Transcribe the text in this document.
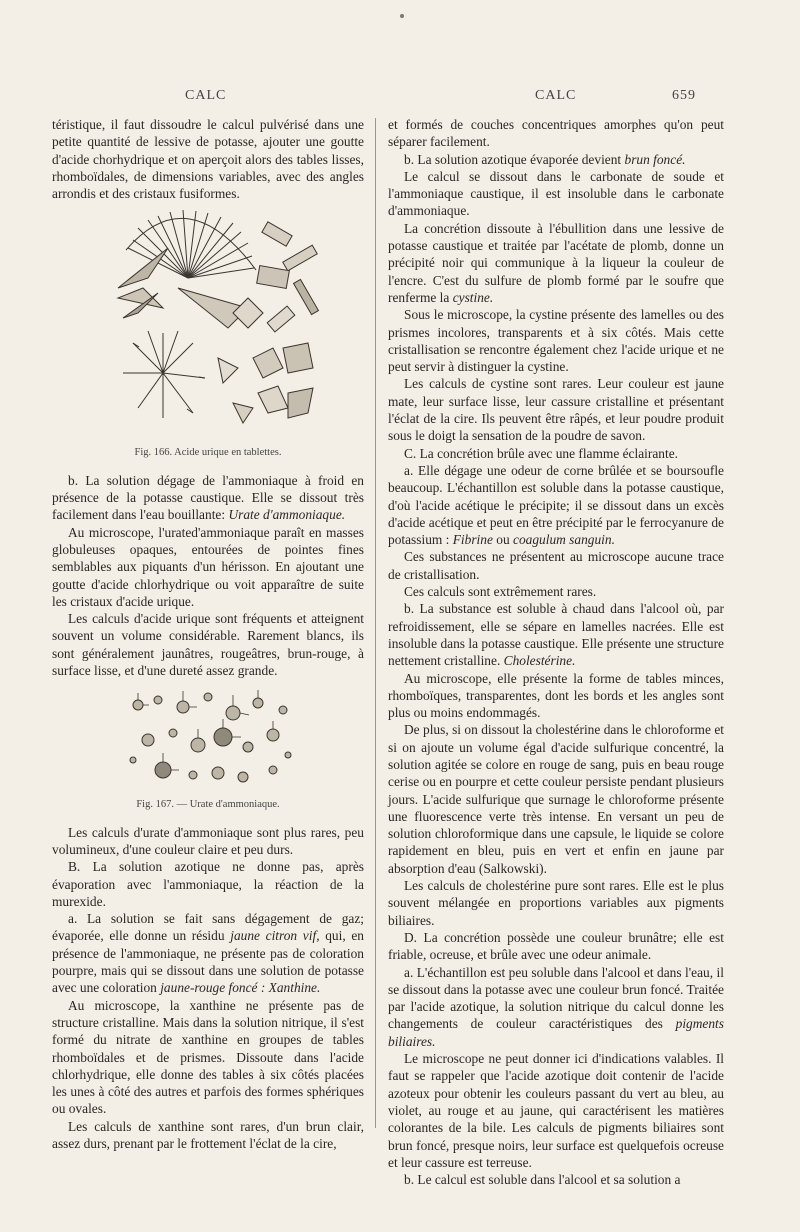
CALC	CALC	659

téristique, il faut dissoudre le calcul pulvérisé dans une petite quantité de lessive de potasse, ajouter une goutte d'acide chorhydrique et on aperçoit alors des tables lisses, rhomboïdales, de dimensions variables, avec des angles arrondis et des cristaux fusiformes.

Fig. 166. Acide urique en tablettes.

b. La solution dégage de l'ammoniaque à froid en présence de la potasse caustique. Elle se dissout très facilement dans l'eau bouillante: Urate d'ammoniaque.

Au microscope, l'urated'ammoniaque paraît en masses globuleuses opaques, entourées de pointes fines semblables aux piquants d'un hérisson. En ajoutant une goutte d'acide chlorhydrique ou voit apparaître de suite les cristaux d'acide urique.

Les calculs d'acide urique sont fréquents et atteignent souvent un volume considérable. Rarement blancs, ils sont généralement jaunâtres, rougeâtres, brun-rouge, à surface lisse, et d'une dureté assez grande.

Fig. 167. — Urate d'ammoniaque.

Les calculs d'urate d'ammoniaque sont plus rares, peu volumineux, d'une couleur claire et peu durs.

B. La solution azotique ne donne pas, après évaporation avec l'ammoniaque, la réaction de la murexide.

a. La solution se fait sans dégagement de gaz; évaporée, elle donne un résidu jaune citron vif, qui, en présence de l'ammoniaque, ne présente pas de coloration pourpre, mais qui se dissout dans une solution de potasse avec une coloration jaune-rouge foncé : Xanthine.

Au microscope, la xanthine ne présente pas de structure cristalline. Mais dans la solution nitrique, il s'est formé du nitrate de xanthine en groupes de tables rhomboïdales et de prismes. Dissoute dans l'acide chlorhydrique, elle donne des tables à six côtés placées les unes à côté des autres et parfois des formes sphériques ou ovales.

Les calculs de xanthine sont rares, d'un brun clair, assez durs, prenant par le frottement l'éclat de la cire,

et formés de couches concentriques amorphes qu'on peut séparer facilement.

b. La solution azotique évaporée devient brun foncé.

Le calcul se dissout dans le carbonate de soude et l'ammoniaque caustique, il est insoluble dans le carbonate d'ammoniaque.

La concrétion dissoute à l'ébullition dans une lessive de potasse caustique et traitée par l'acétate de plomb, donne un précipité noir qui communique à la liqueur la couleur de l'encre. C'est du sulfure de plomb formé par le soufre que renferme la cystine.

Sous le microscope, la cystine présente des lamelles ou des prismes incolores, transparents et à six côtés. Mais cette cristallisation se rencontre également chez l'acide urique et ne peut servir à distinguer la cystine.

Les calculs de cystine sont rares. Leur couleur est jaune mate, leur surface lisse, leur cassure cristalline et présentant l'éclat de la cire. Ils peuvent être râpés, et leur poudre produit sous le doigt la sensation de la poudre de savon.

C. La concrétion brûle avec une flamme éclairante.

a. Elle dégage une odeur de corne brûlée et se boursoufle beaucoup. L'échantillon est soluble dans la potasse caustique, d'où l'acide acétique le précipite; il se dissout dans un excès d'acide acétique et peut en être précipité par le ferrocyanure de potassium : Fibrine ou coagulum sanguin.

Ces substances ne présentent au microscope aucune trace de cristallisation.

Ces calculs sont extrêmement rares.

b. La substance est soluble à chaud dans l'alcool où, par refroidissement, elle se sépare en lamelles nacrées. Elle est insoluble dans la potasse caustique. Elle présente une structure nettement cristalline. Cholestérine.

Au microscope, elle présente la forme de tables minces, rhomboïques, transparentes, dont les bords et les angles sont plus ou moins endommagés.

De plus, si on dissout la cholestérine dans le chloroforme et si on ajoute un volume égal d'acide sulfurique concentré, la solution agitée se colore en rouge de sang, puis en beau rouge cerise ou en pourpre et cette couleur persiste pendant plusieurs jours. L'acide sulfurique que surnage le chloroforme présente une fluorescence verte très intense. En versant un peu de solution chloroformique dans une capsule, le liquide se colore rapidement en bleu, puis en vert et enfin en jaune par absorption d'eau (Salkowski).

Les calculs de cholestérine pure sont rares. Elle est le plus souvent mélangée en proportions variables aux pigments biliaires.

D. La concrétion possède une couleur brunâtre; elle est friable, ocreuse, et brûle avec une odeur animale.

a. L'échantillon est peu soluble dans l'alcool et dans l'eau, il se dissout dans la potasse avec une couleur brun foncé. Traitée par l'acide azotique, la solution nitrique du calcul donne les changements de couleur caractéristiques des pigments biliaires.

Le microscope ne peut donner ici d'indications valables. Il faut se rappeler que l'acide azotique doit contenir de l'acide azoteux pour obtenir les couleurs passant du vert au bleu, au violet, au rouge et au jaune, qui caractérisent les matières colorantes de la bile. Les calculs de pigments biliaires sont brun foncé, presque noirs, leur surface est quelquefois ocreuse et leur cassure est terreuse.

b. Le calcul est soluble dans l'alcool et sa solution a
